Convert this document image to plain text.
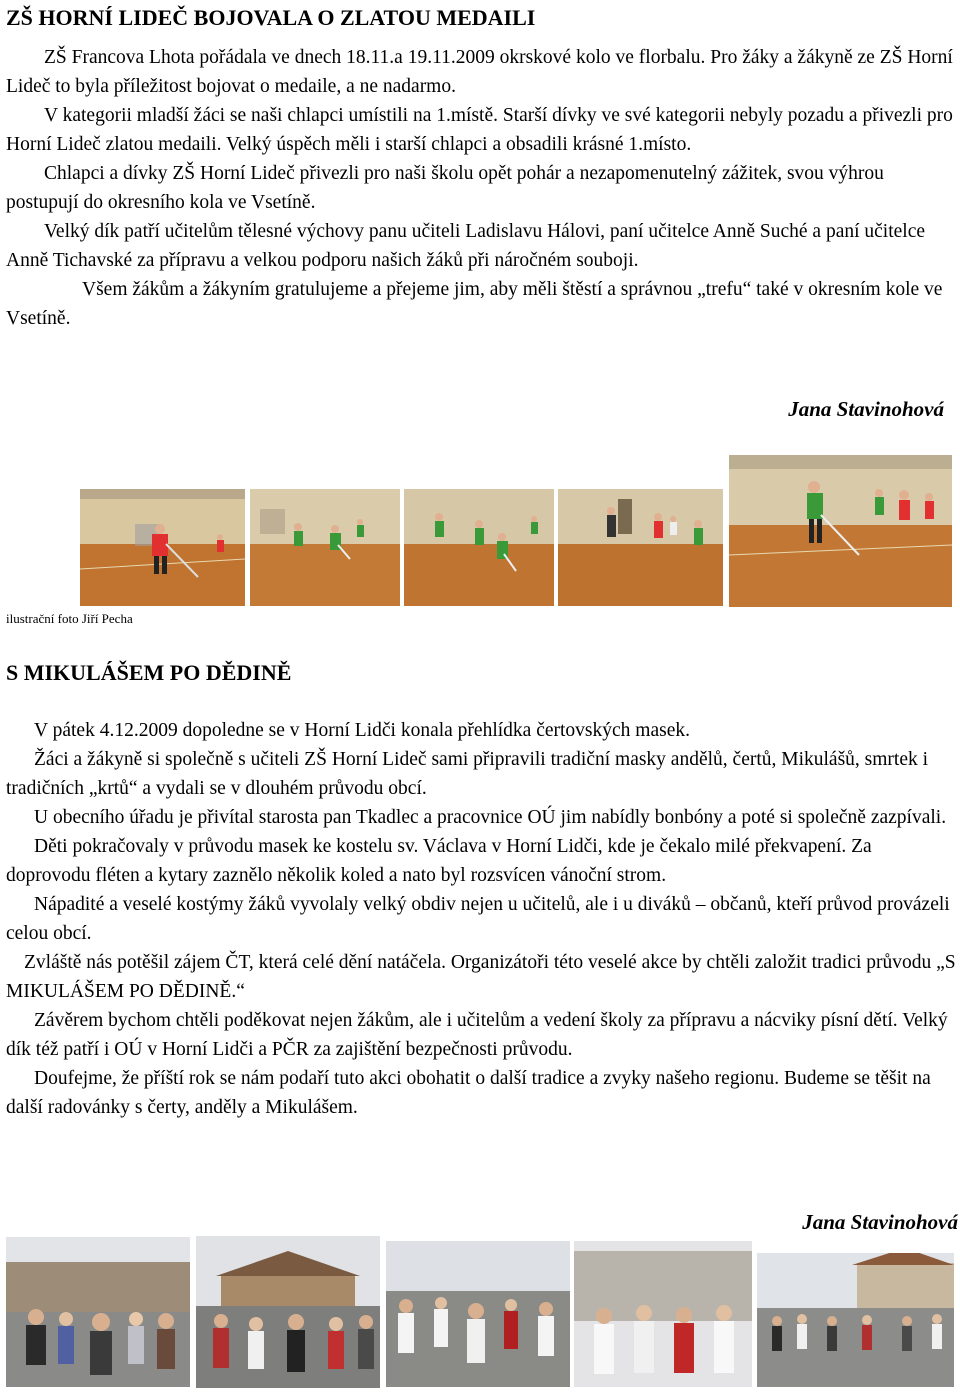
ZŠ HORNÍ LIDEČ BOJOVALA O ZLATOU MEDAILI

ZŠ Francova Lhota pořádala ve dnech 18.11.a 19.11.2009 okrskové kolo ve florbalu. Pro žáky a žákyně ze ZŠ Horní Lideč to byla příležitost bojovat o medaile, a ne nadarmo.

V kategorii mladší žáci se naši chlapci umístili na 1.místě. Starší dívky ve své kategorii nebyly pozadu a přivezli pro Horní Lideč zlatou medaili. Velký úspěch měli i starší chlapci a obsadili krásné 1.místo.

Chlapci a dívky ZŠ Horní Lideč přivezli pro naši školu opět pohár a nezapomenutelný zážitek, svou výhrou postupují do okresního kola ve Vsetíně.

Velký dík patří učitelům tělesné výchovy panu učiteli Ladislavu Hálovi, paní učitelce Anně Suché a paní učitelce Anně Tichavské za přípravu a velkou podporu našich žáků při náročném souboji.

Všem žákům a žákyním gratulujeme a přejeme jim, aby měli štěstí a správnou „trefu“ také v okresním kole ve Vsetíně.

Jana Stavinohová
ilustrační foto Jiří Pecha
S MIKULÁŠEM PO DĚDINĚ

V pátek 4.12.2009 dopoledne se v Horní Lidči konala přehlídka čertovských masek.

Žáci a žákyně si společně s učiteli ZŠ Horní Lideč sami připravili tradiční masky andělů, čertů, Mikulášů, smrtek i tradičních „krtů“ a vydali se v dlouhém průvodu obcí.

U obecního úřadu je přivítal starosta pan Tkadlec a pracovnice OÚ jim nabídly bonbóny a poté si společně zazpívali.

Děti pokračovaly v průvodu masek ke kostelu sv. Václava v Horní Lidči, kde je čekalo milé překvapení. Za doprovodu fléten a kytary zaznělo několik koled a nato byl rozsvícen vánoční strom.

Nápadité a veselé kostýmy žáků vyvolaly velký obdiv nejen u učitelů, ale i u diváků – občanů, kteří průvod provázeli celou obcí.

Zvláště nás potěšil zájem ČT, která celé dění natáčela. Organizátoři této veselé akce by chtěli založit tradici průvodu „S MIKULÁŠEM PO DĚDINĚ.“

Závěrem bychom chtěli poděkovat nejen žákům, ale i učitelům a vedení školy za přípravu a nácviky písní dětí. Velký dík též patří i OÚ v Horní Lidči a PČR za zajištění bezpečnosti průvodu.

Doufejme, že příští rok se nám podaří tuto akci obohatit o další tradice a zvyky našeho regionu. Budeme se těšit na další radovánky s čerty, anděly a Mikulášem.

Jana Stavinohová
